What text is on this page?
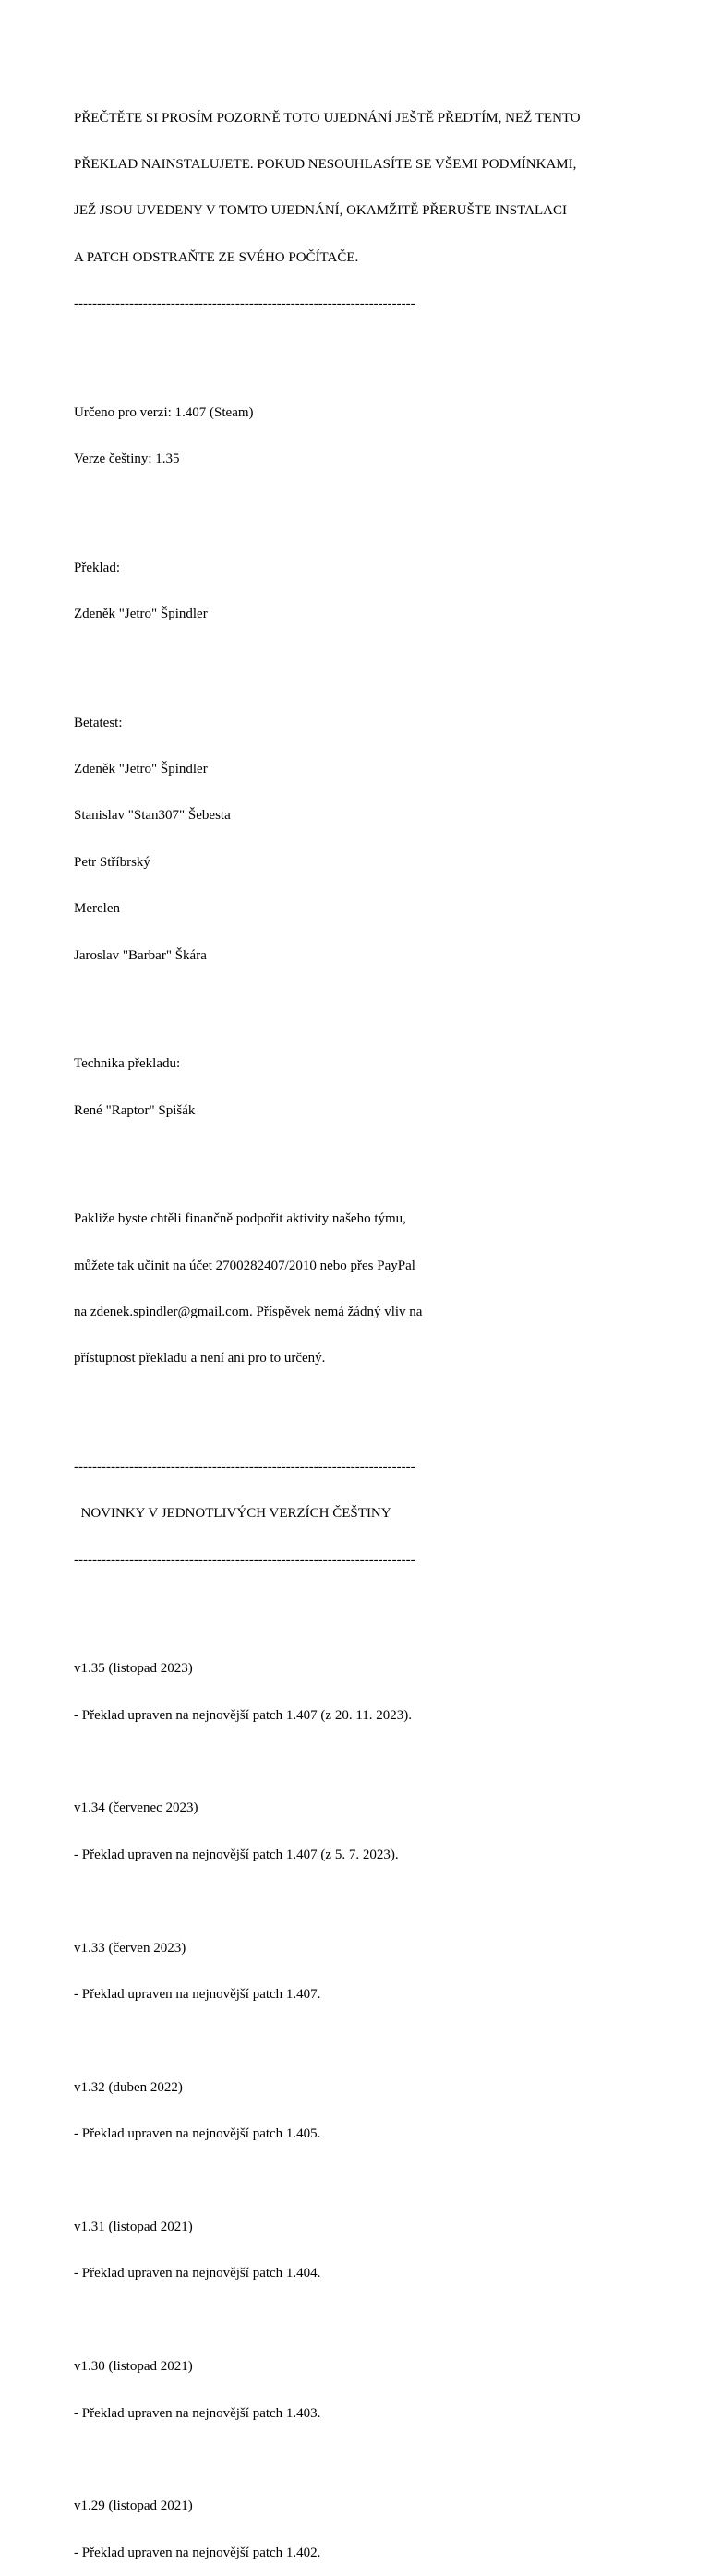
PŘEČTĚTE SI PROSÍM POZORNĚ TOTO UJEDNÁNÍ JEŠTĚ PŘEDTÍM, NEŽ TENTO

PŘEKLAD NAINSTALUJETE. POKUD NESOUHLASÍTE SE VŠEMI PODMÍNKAMI,

JEŽ JSOU UVEDENY V TOMTO UJEDNÁNÍ, OKAMŽITĚ PŘERUŠTE INSTALACI

A PATCH ODSTRAŇTE ZE SVÉHO POČÍTAČE.

--------------------------------------------------------------------------

Určeno pro verzi: 1.407 (Steam)

Verze češtiny: 1.35

Překlad:

Zdeněk "Jetro" Špindler

Betatest:

Zdeněk "Jetro" Špindler

Stanislav "Stan307" Šebesta

Petr Stříbrský

Merelen

Jaroslav "Barbar" Škára

Technika překladu:

René "Raptor" Spišák

Pakliže byste chtěli finančně podpořit aktivity našeho týmu,

můžete tak učinit na účet 2700282407/2010 nebo přes PayPal

na zdenek.spindler@gmail.com. Příspěvek nemá žádný vliv na

přístupnost překladu a není ani pro to určený.

--------------------------------------------------------------------------

NOVINKY V JEDNOTLIVÝCH VERZÍCH ČEŠTINY

--------------------------------------------------------------------------

v1.35 (listopad 2023)

- Překlad upraven na nejnovější patch 1.407 (z 20. 11. 2023).

v1.34 (červenec 2023)

- Překlad upraven na nejnovější patch 1.407 (z 5. 7. 2023).

v1.33 (červen 2023)

- Překlad upraven na nejnovější patch 1.407.

v1.32 (duben 2022)

- Překlad upraven na nejnovější patch 1.405.

v1.31 (listopad 2021)

- Překlad upraven na nejnovější patch 1.404.

v1.30 (listopad 2021)

- Překlad upraven na nejnovější patch 1.403.

v1.29 (listopad 2021)

- Překlad upraven na nejnovější patch 1.402.
